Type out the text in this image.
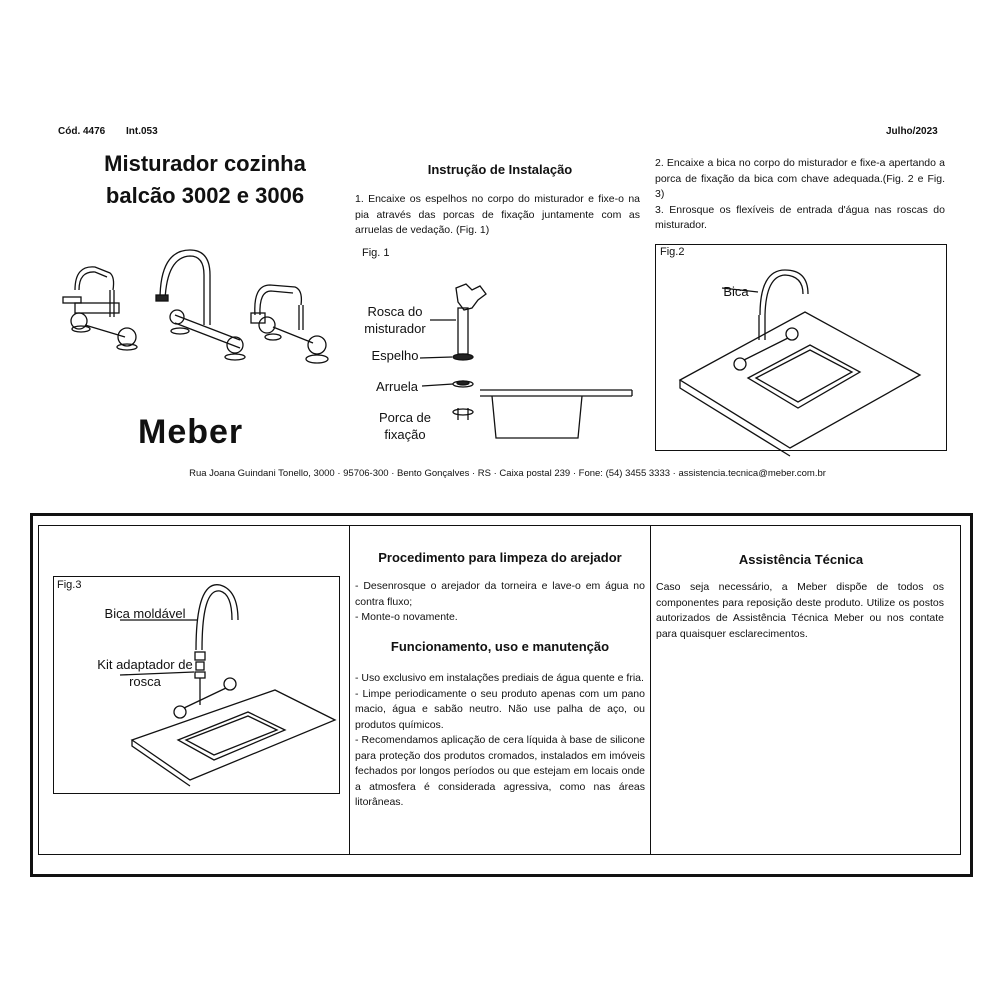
Cód. 4476 Int.053	Julho/2023
Misturador cozinha
balcão 3002 e 3006
Meber
Instrução de Instalação
1. Encaixe os espelhos no corpo do misturador e fixe-o na pia através das porcas de fixação juntamente com as arruelas de vedação. (Fig. 1)
2. Encaixe a bica no corpo do misturador e fixe-a apertando a porca de fixação da bica com chave adequada.(Fig. 2 e Fig. 3)
3. Enrosque os flexíveis de entrada d'água nas roscas do misturador.
Fig. 1
Rosca do misturador
Espelho
Arruela
Porca de fixação
Fig.2
Bica
Rua Joana Guindani Tonello, 3000 · 95706-300 · Bento Gonçalves · RS · Caixa postal 239 · Fone: (54) 3455 3333 · assistencia.tecnica@meber.com.br
Fig.3
Bica moldável
Kit adaptador de rosca
Procedimento para limpeza do arejador
- Desenrosque o arejador da torneira e lave-o em água no contra fluxo;
- Monte-o novamente.
Funcionamento, uso e manutenção
- Uso exclusivo em instalações prediais de água quente e fria.
- Limpe periodicamente o seu produto apenas com um pano macio, água e sabão neutro. Não use palha de aço, ou produtos químicos.
- Recomendamos aplicação de cera líquida à base de silicone para proteção dos produtos cromados, instalados em imóveis fechados por longos períodos ou que estejam em locais onde a atmosfera é considerada agressiva, como nas áreas litorâneas.
Assistência Técnica
Caso seja necessário, a Meber dispõe de todos os componentes para reposição deste produto. Utilize os postos autorizados de Assistência Técnica Meber ou nos contate para quaisquer esclarecimentos.
